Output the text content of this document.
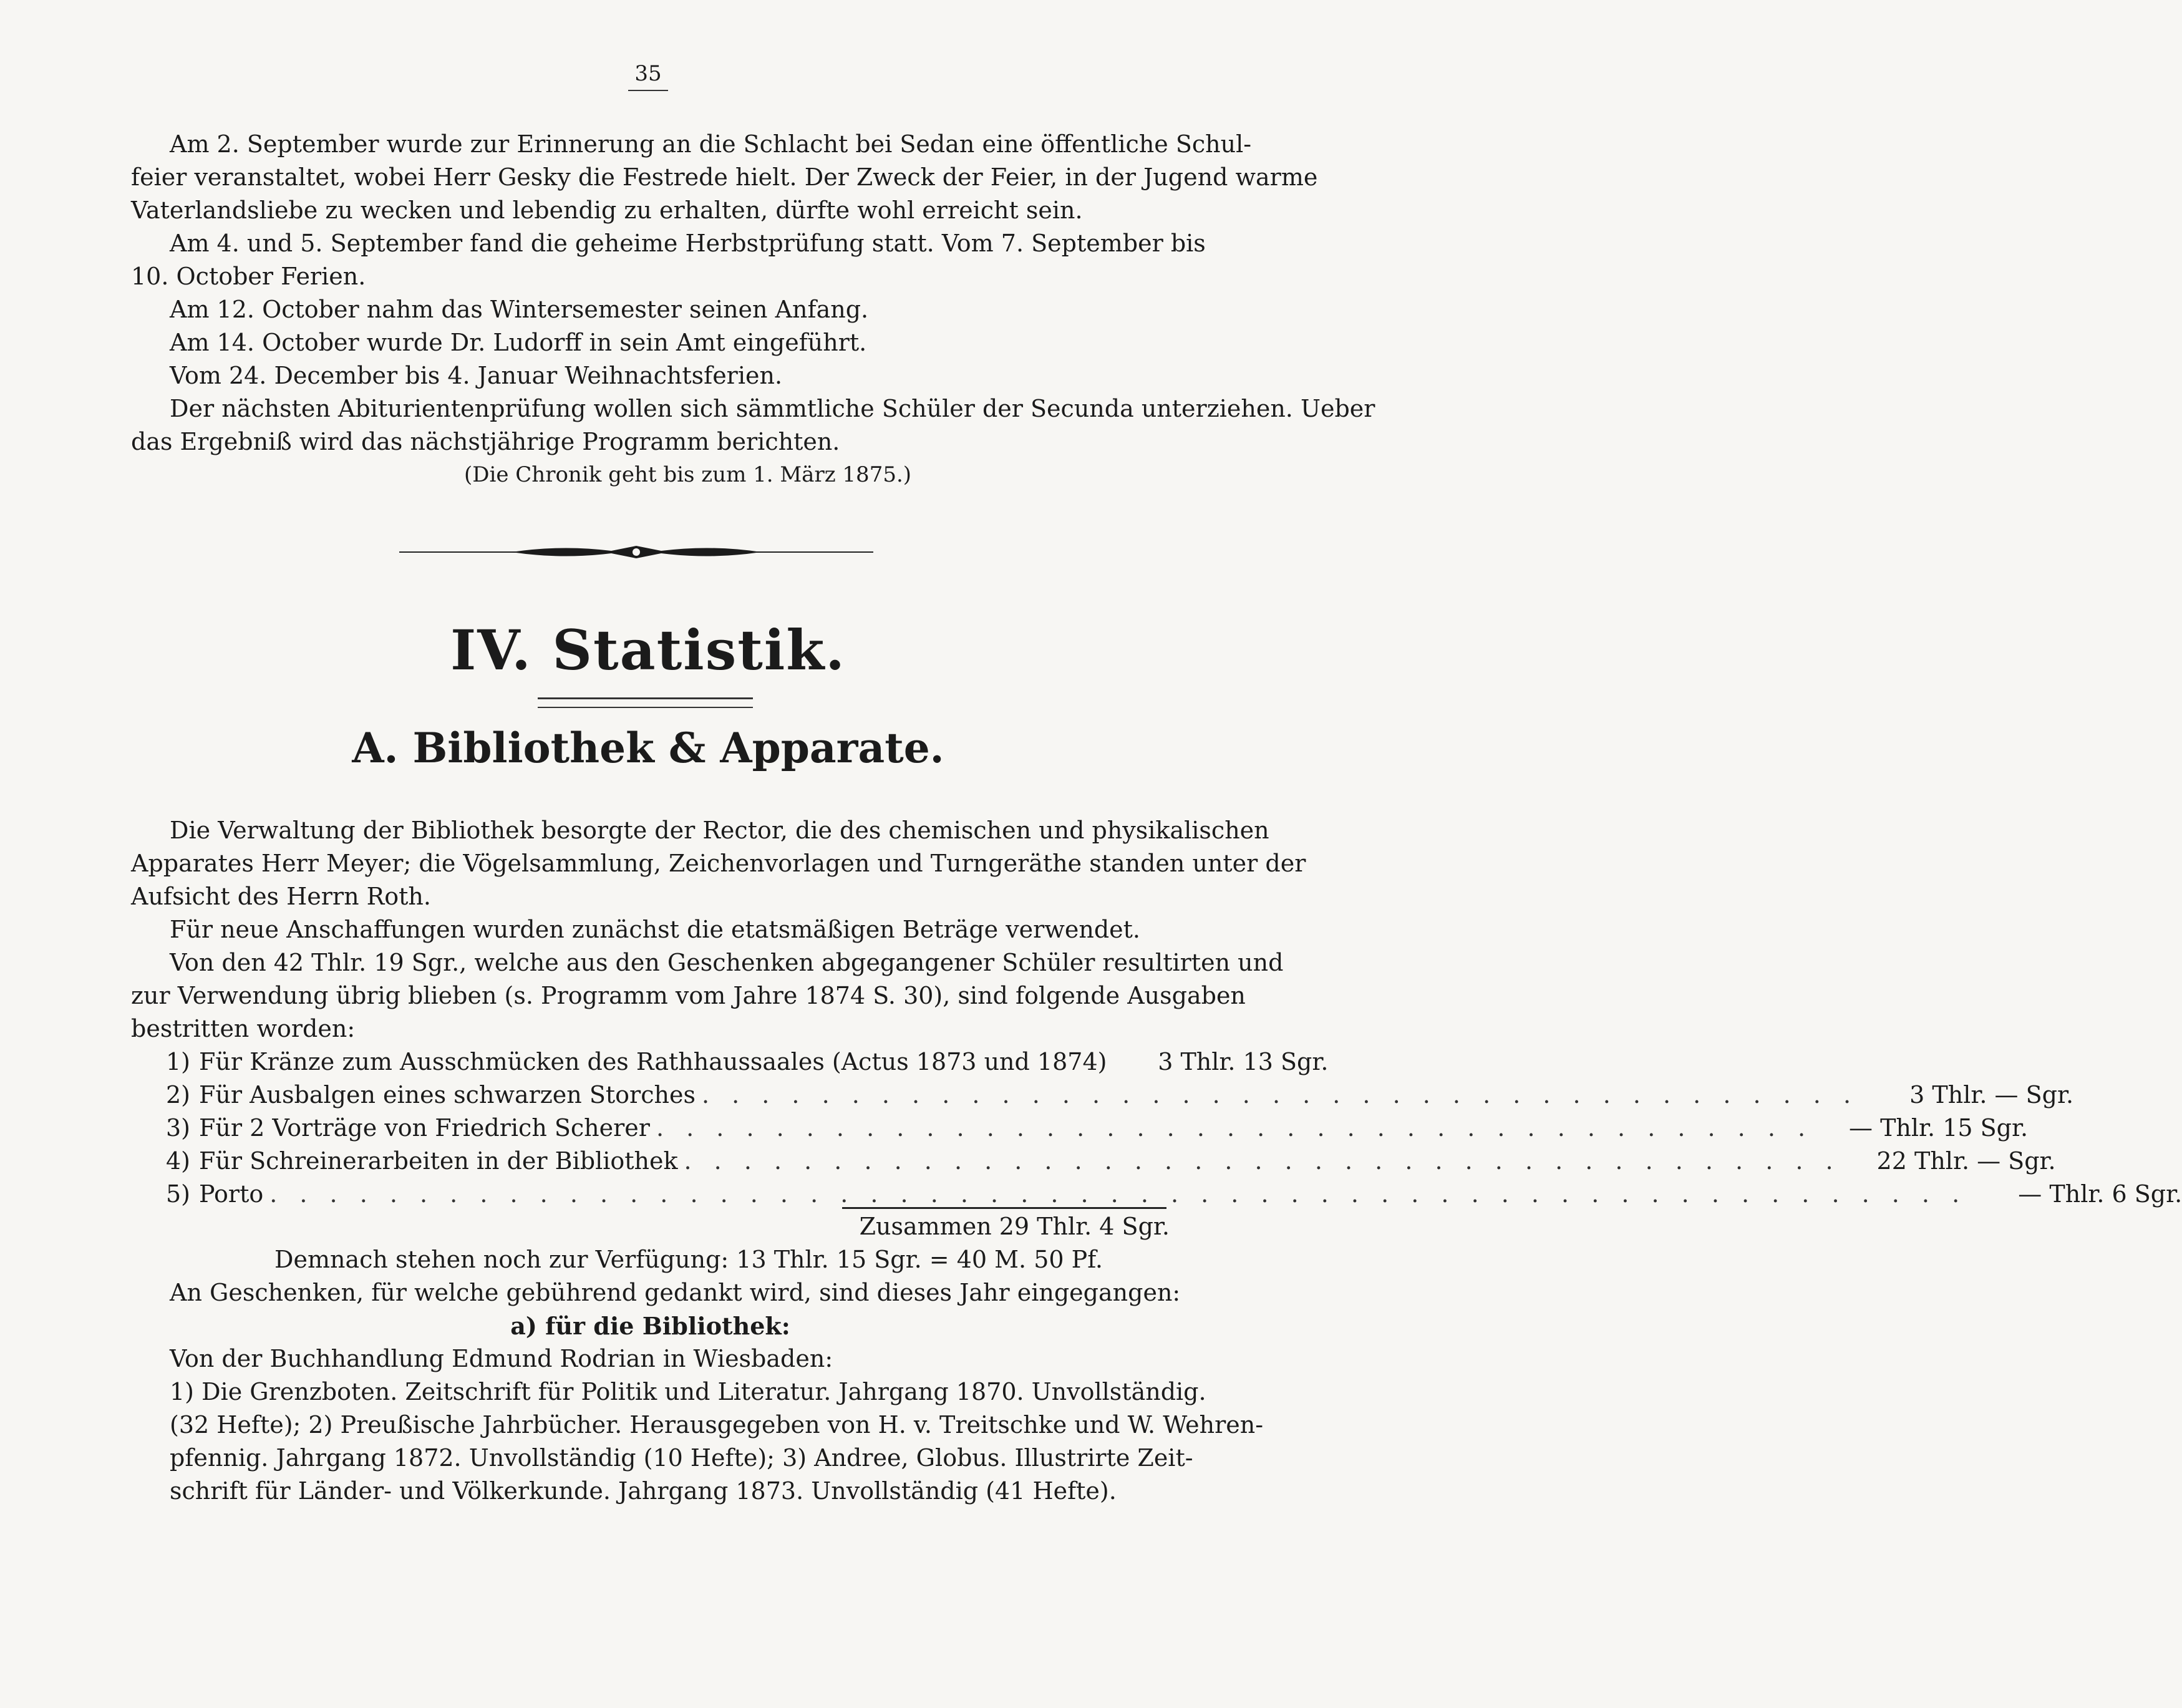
35
Am 2. September wurde zur Erinnerung an die Schlacht bei Sedan eine öffentliche Schul-
feier veranstaltet, wobei Herr Gesky die Festrede hielt. Der Zweck der Feier, in der Jugend warme
Vaterlandsliebe zu wecken und lebendig zu erhalten, dürfte wohl erreicht sein.
Am 4. und 5. September fand die geheime Herbstprüfung statt. Vom 7. September bis
10. October Ferien.
Am 12. October nahm das Wintersemester seinen Anfang.
Am 14. October wurde Dr. Ludorff in sein Amt eingeführt.
Vom 24. December bis 4. Januar Weihnachtsferien.
Der nächsten Abiturientenprüfung wollen sich sämmtliche Schüler der Secunda unterziehen. Ueber
das Ergebniß wird das nächstjährige Programm berichten.
(Die Chronik geht bis zum 1. März 1875.)
IV. Statistik.
A. Bibliothek & Apparate.
Die Verwaltung der Bibliothek besorgte der Rector, die des chemischen und physikalischen
Apparates Herr Meyer; die Vögelsammlung, Zeichenvorlagen und Turngeräthe standen unter der
Aufsicht des Herrn Roth.
Für neue Anschaffungen wurden zunächst die etatsmäßigen Beträge verwendet.
Von den 42 Thlr. 19 Sgr., welche aus den Geschenken abgegangener Schüler resultirten und
zur Verwendung übrig blieben (s. Programm vom Jahre 1874 S. 30), sind folgende Ausgaben
bestritten worden:
1) Für Kränze zum Ausschmücken des Rathhaussaales (Actus 1873 und 1874)	3 Thlr. 13 Sgr.
2) Für Ausbalgen eines schwarzen Storches . . . . . . . . . . . . . . . . . . . . . . . . . . . . . . . . . . . . . . .	3 Thlr. — Sgr.
3) Für 2 Vorträge von Friedrich Scherer . . . . . . . . . . . . . . . . . . . . . . . . . . . . . . . . . . . . . . .	— Thlr. 15 Sgr.
4) Für Schreinerarbeiten in der Bibliothek . . . . . . . . . . . . . . . . . . . . . . . . . . . . . . . . . . . . . . .	22 Thlr. — Sgr.
5) Porto . . . . . . . . . . . . . . . . . . . . . . . . . . . . . . . . . . . . . . . . . . . . . . . . . . . . . . . . .	— Thlr. 6 Sgr.
Zusammen 29 Thlr. 4 Sgr.
Demnach stehen noch zur Verfügung: 13 Thlr. 15 Sgr. = 40 M. 50 Pf.
An Geschenken, für welche gebührend gedankt wird, sind dieses Jahr eingegangen:
a) für die Bibliothek:
Von der Buchhandlung Edmund Rodrian in Wiesbaden:
1) Die Grenzboten. Zeitschrift für Politik und Literatur. Jahrgang 1870. Unvollständig.
(32 Hefte); 2) Preußische Jahrbücher. Herausgegeben von H. v. Treitschke und W. Wehren-
pfennig. Jahrgang 1872. Unvollständig (10 Hefte); 3) Andree, Globus. Illustrirte Zeit-
schrift für Länder- und Völkerkunde. Jahrgang 1873. Unvollständig (41 Hefte).
